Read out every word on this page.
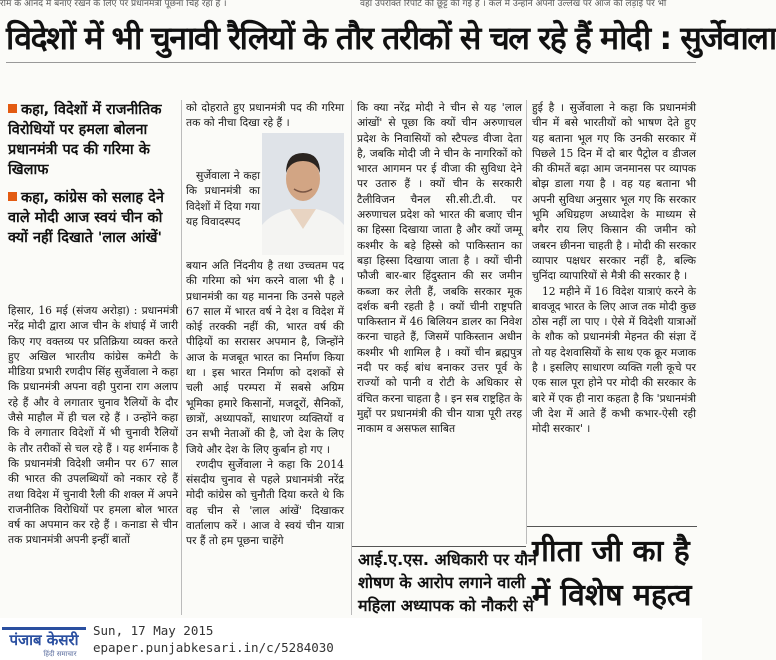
रोम के आनंद में बनाए रखने के लिए पर प्रधानमंत्री पूछना चिह रहा है ।	वहा उपरोक्त रिपोर्ट की छूट्ट की गई है । कल में उन्होंने अपनी उल्लेख पर आज की लड़ाई पर भी
विदेशों में भी चुनावी रैलियों के तौर तरीकों से चल रहे हैं मोदी : सुर्जेवाला
कहा, विदेशों में राजनीतिक विरोधियों पर हमला बोलना प्रधानमंत्री पद की गरिमा के खिलाफ
कहा, कांग्रेस को सलाह देने वाले मोदी आज स्वयं चीन को क्यों नहीं दिखाते 'लाल आंखें'

हिसार, 16 मई (संजय अरोड़ा) : प्रधानमंत्री नरेंद्र मोदी द्वारा आज चीन के शंघाई में जारी किए गए वक्तव्य पर प्रतिक्रिया व्यक्त करते हुए अखिल भारतीय कांग्रेस कमेटी के मीडिया प्रभारी रणदीप सिंह सुर्जेवाला ने कहा कि प्रधानमंत्री अपना वही पुराना राग अलाप रहे हैं और वे लगातार चुनाव रैलियों के दौर जैसे माहौल में ही चल रहे हैं । उन्होंने कहा कि वे लगातार विदेशों में भी चुनावी रैलियों के तौर तरीकों से चल रहे हैं । यह शर्मनाक है कि प्रधानमंत्री विदेशी जमीन पर 67 साल की भारत की उपलब्धियों को नकार रहे हैं तथा विदेश में चुनावी रैली की शक्ल में अपने राजनीतिक विरोधियों पर हमला बोल भारत वर्ष का अपमान कर रहे हैं । कनाडा से चीन तक प्रधानमंत्री अपनी इन्हीं बातों

को दोहराते हुए प्रधानमंत्री पद की गरिमा तक को नीचा दिखा रहे हैं ।

सुर्जेवाला ने कहा कि प्रधानमंत्री का विदेशों में दिया गया यह विवादस्पद

बयान अति निंदनीय है तथा उच्चतम पद की गरिमा को भंग करने वाला भी है । प्रधानमंत्री का यह मानना कि उनसे पहले 67 साल में भारत वर्ष ने देश व विदेश में कोई तरक्की नहीं की, भारत वर्ष की पीढ़ियों का सरासर अपमान है, जिन्होंने आज के मजबूत भारत का निर्माण किया था । इस भारत निर्माण को दशकों से चली आई परम्परा में सबसे अग्रिम भूमिका हमारे किसानों, मजदूरों, सैनिकों, छात्रों, अध्यापकों, साधारण व्यक्तियों व उन सभी नेताओं की है, जो देश के लिए जिये और देश के लिए कुर्बान हो गए ।

रणदीप सुर्जेवाला ने कहा कि 2014 संसदीय चुनाव से पहले प्रधानमंत्री नरेंद्र मोदी कांग्रेस को चुनौती दिया करते थे कि वह चीन से 'लाल आंखें' दिखाकर वार्तालाप करें । आज वे स्वयं चीन यात्रा पर हैं तो हम पूछना चाहेंगे

कि क्या नरेंद्र मोदी ने चीन से यह 'लाल आंखों' से पूछा कि क्यों चीन अरुणाचल प्रदेश के निवासियों को स्टैपल्ड वीजा देता है, जबकि मोदी जी ने चीन के नागरिकों को भारत आगमन पर ई वीजा की सुविधा देने पर उतारु हैं । क्यों चीन के सरकारी टैलीविजन चैनल सी.सी.टी.वी. पर अरुणाचल प्रदेश को भारत की बजाए चीन का हिस्सा दिखाया जाता है और क्यों जम्मू कश्मीर के बड़े हिस्से को पाकिस्तान का बड़ा हिस्सा दिखाया जाता है । क्यों चीनी फौजी बार-बार हिंदुस्तान की सर जमीन कब्जा कर लेती हैं, जबकि सरकार मूक दर्शक बनी रहती है । क्यों चीनी राष्ट्रपति पाकिस्तान में 46 बिलियन डालर का निवेश करना चाहते हैं, जिसमें पाकिस्तान अधीन कश्मीर भी शामिल है । क्यों चीन ब्रह्मपुत्र नदी पर कई बांध बनाकर उत्तर पूर्व के राज्यों को पानी व रोटी के अधिकार से वंचित करना चाहता है । इन सब राष्ट्रहित के मुद्दों पर प्रधानमंत्री की चीन यात्रा पूरी तरह नाकाम व असफल साबित

हुई है । सुर्जेवाला ने कहा कि प्रधानमंत्री चीन में बसे भारतीयों को भाषण देते हुए यह बताना भूल गए कि उनकी सरकार में पिछले 15 दिन में दो बार पैट्रोल व डीजल की कीमतें बढ़ा आम जनमानस पर व्यापक बोझ डाला गया है । वह यह बताना भी अपनी सुविधा अनुसार भूल गए कि सरकार भूमि अधिग्रहण अध्यादेश के माध्यम से बगैर राय लिए किसान की जमीन को जबरन छीनना चाहती है । मोदी की सरकार व्यापार पक्षधर सरकार नहीं है, बल्कि चुनिंदा व्यापारियों से मैत्री की सरकार है ।

12 महीने में 16 विदेश यात्राएं करने के बावजूद भारत के लिए आज तक मोदी कुछ ठोस नहीं ला पाए । ऐसे में विदेशी यात्राओं के शौक को प्रधानमंत्री मेहनत की संज्ञा दें तो यह देशवासियों के साथ एक क्रूर मजाक है । इसलिए साधारण व्यक्ति गली कूचे पर एक साल पूरा होने पर मोदी की सरकार के बारे में एक ही नारा कहता है कि 'प्रधानमंत्री जी देश में आते हैं कभी कभार-ऐसी रही मोदी सरकार' ।

आई.ए.एस. अधिकारी पर यौन
शोषण के आरोप लगाने वाली
महिला अध्यापक को नौकरी से
गीता जी का है
में विशेष महत्व
पंजाब केसरी
हिंदी समाचार
Sun, 17 May 2015
epaper.punjabkesari.in/c/5284030
